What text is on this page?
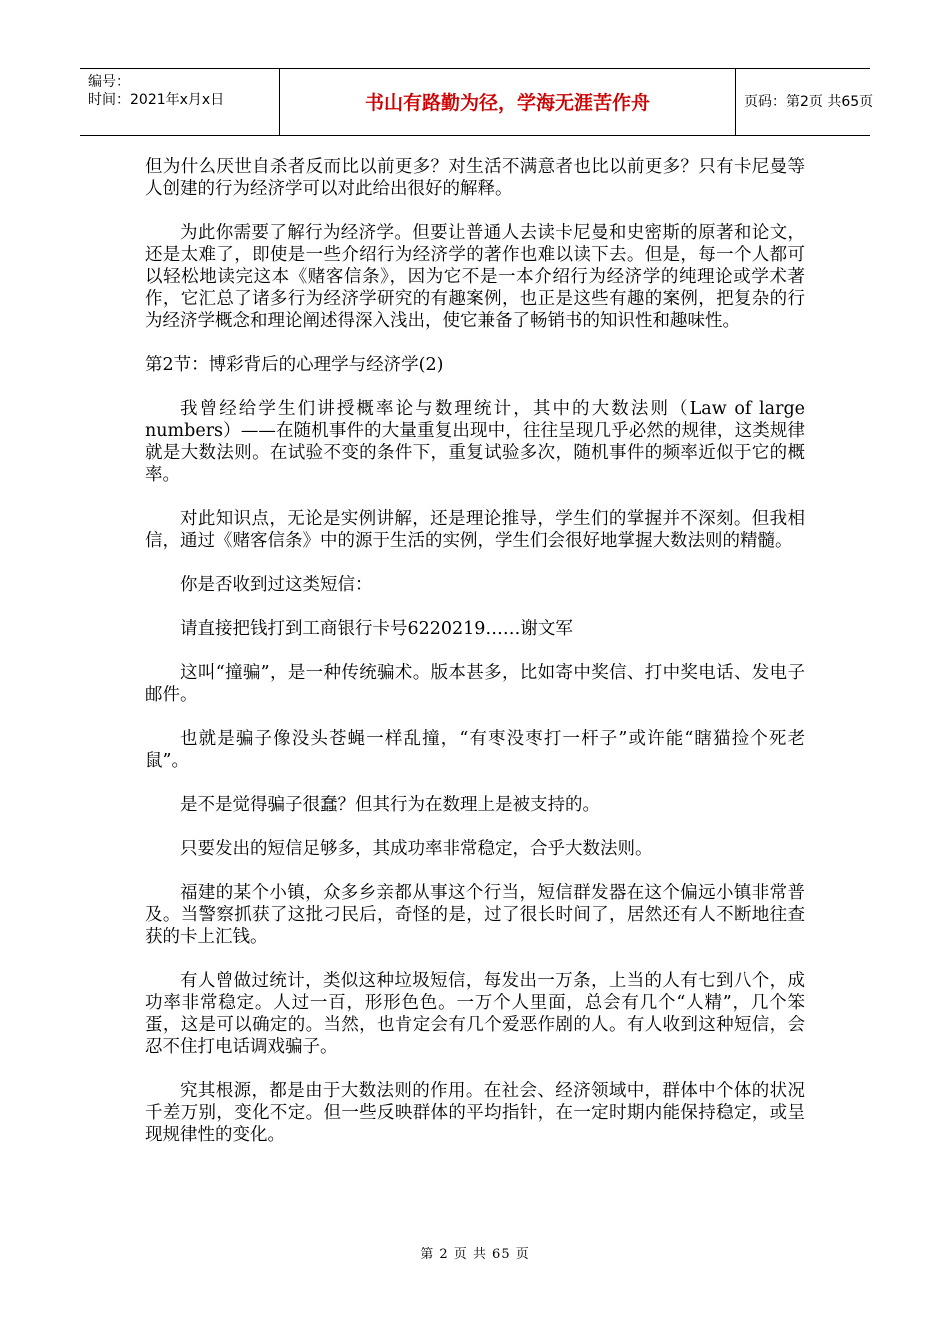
编号：
时间：2021年x月x日	书山有路勤为径，学海无涯苦作舟	页码：第2页 共65页

但为什么厌世自杀者反而比以前更多？对生活不满意者也比以前更多？只有卡尼曼等人创建的行为经济学可以对此给出很好的解释。

为此你需要了解行为经济学。但要让普通人去读卡尼曼和史密斯的原著和论文，还是太难了，即使是一些介绍行为经济学的著作也难以读下去。但是，每一个人都可以轻松地读完这本《赌客信条》，因为它不是一本介绍行为经济学的纯理论或学术著作，它汇总了诸多行为经济学研究的有趣案例，也正是这些有趣的案例，把复杂的行为经济学概念和理论阐述得深入浅出，使它兼备了畅销书的知识性和趣味性。

第2节：博彩背后的心理学与经济学(2)

我曾经给学生们讲授概率论与数理统计，其中的大数法则（Law of large numbers）——在随机事件的大量重复出现中，往往呈现几乎必然的规律，这类规律就是大数法则。在试验不变的条件下，重复试验多次，随机事件的频率近似于它的概率。

对此知识点，无论是实例讲解，还是理论推导，学生们的掌握并不深刻。但我相信，通过《赌客信条》中的源于生活的实例，学生们会很好地掌握大数法则的精髓。

你是否收到过这类短信：

请直接把钱打到工商银行卡号6220219……谢文军

这叫“撞骗”，是一种传统骗术。版本甚多，比如寄中奖信、打中奖电话、发电子邮件。

也就是骗子像没头苍蝇一样乱撞，“有枣没枣打一杆子”或许能“瞎猫捡个死老鼠”。

是不是觉得骗子很蠢？但其行为在数理上是被支持的。

只要发出的短信足够多，其成功率非常稳定，合乎大数法则。

福建的某个小镇，众多乡亲都从事这个行当，短信群发器在这个偏远小镇非常普及。当警察抓获了这批刁民后，奇怪的是，过了很长时间了，居然还有人不断地往查获的卡上汇钱。

有人曾做过统计，类似这种垃圾短信，每发出一万条，上当的人有七到八个，成功率非常稳定。人过一百，形形色色。一万个人里面，总会有几个“人精”，几个笨蛋，这是可以确定的。当然，也肯定会有几个爱恶作剧的人。有人收到这种短信，会忍不住打电话调戏骗子。

究其根源，都是由于大数法则的作用。在社会、经济领域中，群体中个体的状况千差万别，变化不定。但一些反映群体的平均指针，在一定时期内能保持稳定，或呈现规律性的变化。

第 2 页 共 65 页
